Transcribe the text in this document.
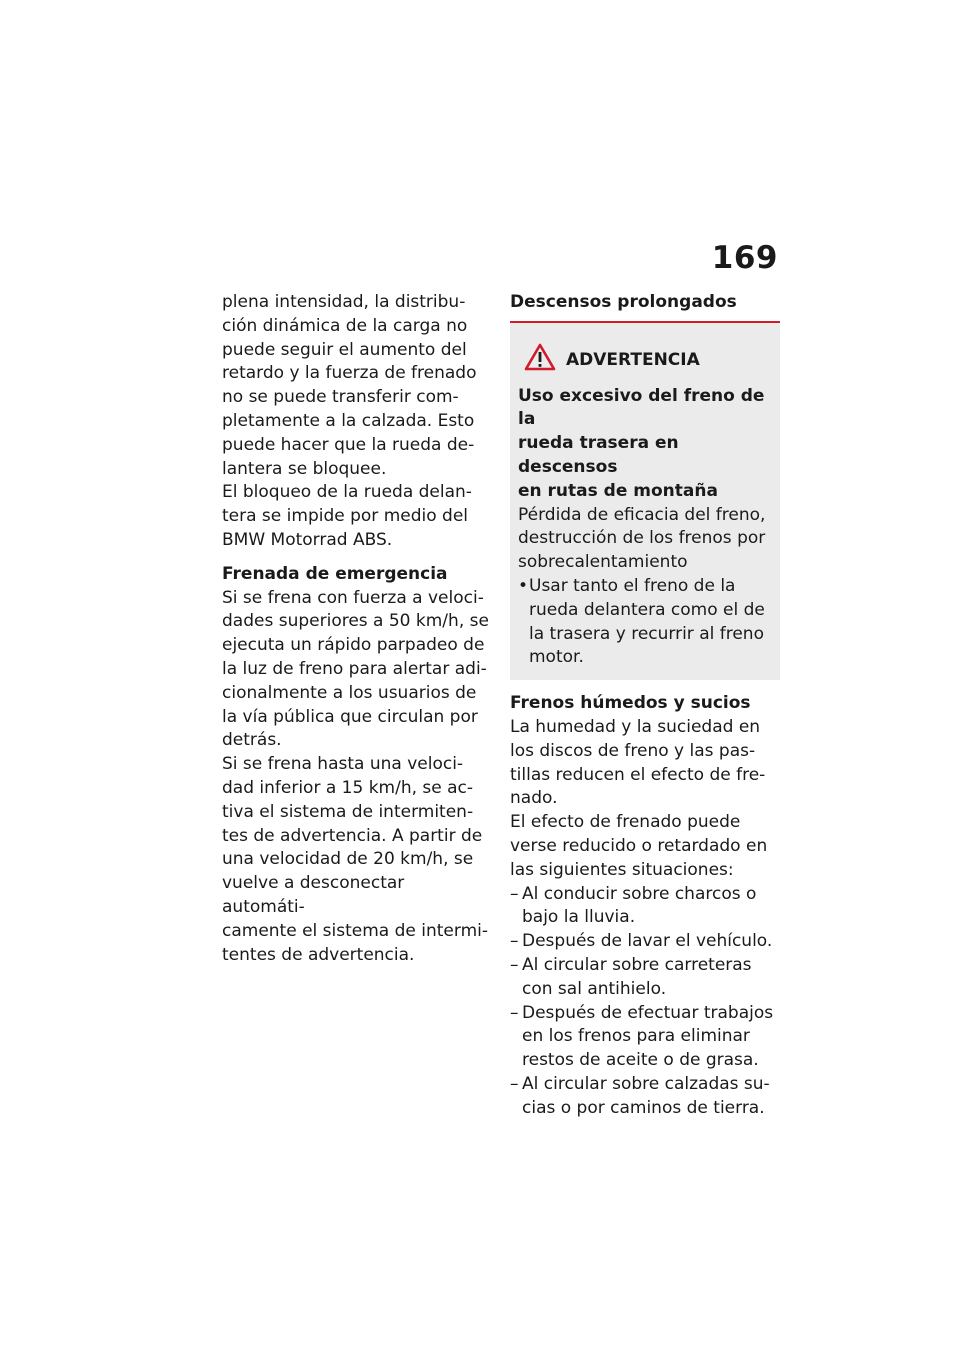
169
plena intensidad, la distribu-
ción dinámica de la carga no
puede seguir el aumento del
retardo y la fuerza de frenado
no se puede transferir com-
pletamente a la calzada. Esto
puede hacer que la rueda de-
lantera se bloquee.
El bloqueo de la rueda delan-
tera se impide por medio del
BMW Motorrad ABS.
Frenada de emergencia
Si se frena con fuerza a veloci-
dades superiores a 50 km/h, se
ejecuta un rápido parpadeo de
la luz de freno para alertar adi-
cionalmente a los usuarios de
la vía pública que circulan por
detrás.
Si se frena hasta una veloci-
dad inferior a 15 km/h, se ac-
tiva el sistema de intermiten-
tes de advertencia. A partir de
una velocidad de 20 km/h, se
vuelve a desconectar automáti-
camente el sistema de intermi-
tentes de advertencia.
Descensos prolongados
ADVERTENCIA
Uso excesivo del freno de la
rueda trasera en descensos
en rutas de montaña
Pérdida de eficacia del freno,
destrucción de los frenos por
sobrecalentamiento
• Usar tanto el freno de la
rueda delantera como el de
la trasera y recurrir al freno
motor.
Frenos húmedos y sucios
La humedad y la suciedad en
los discos de freno y las pas-
tillas reducen el efecto de fre-
nado.
El efecto de frenado puede
verse reducido o retardado en
las siguientes situaciones:
– Al conducir sobre charcos o
bajo la lluvia.
– Después de lavar el vehículo.
– Al circular sobre carreteras
con sal antihielo.
– Después de efectuar trabajos
en los frenos para eliminar
restos de aceite o de grasa.
– Al circular sobre calzadas su-
cias o por caminos de tierra.
